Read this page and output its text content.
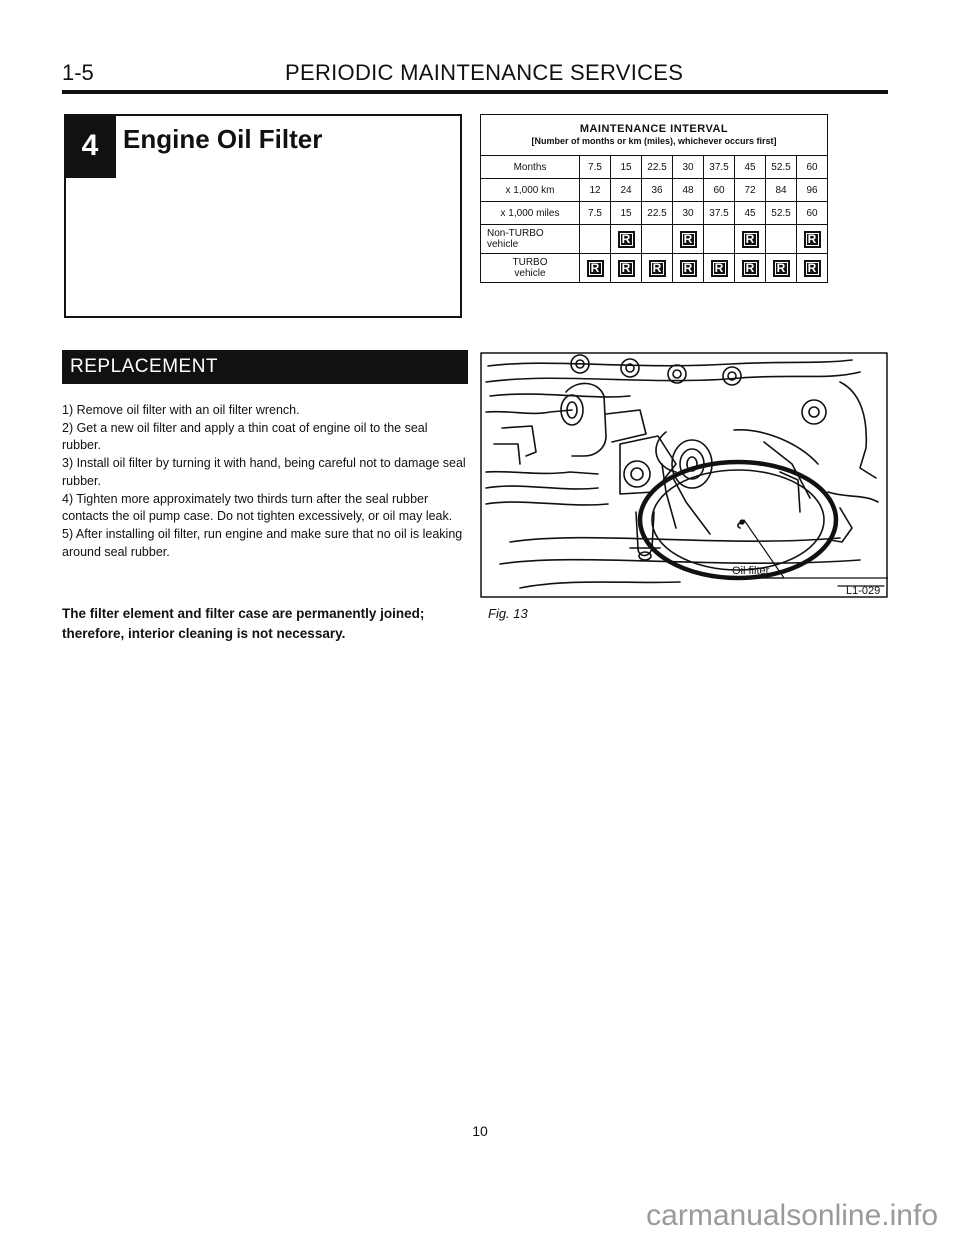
1-5	PERIODIC MAINTENANCE SERVICES
4 Engine Oil Filter	MAINTENANCE INTERVAL
[Number of months or km (miles), whichever occurs first]								

Months	7.5	15	22.5	30	37.5	45	52.5	60
x 1,000 km	12	24	36	48	60	72	84	96
x 1,000 miles	7.5	15	22.5	30	37.5	45	52.5	60

Non-TURBO
vehicle		R		R		R		R

TURBO
vehicle	R	R	R	R	R	R	R	R
REPLACEMENT

1) Remove oil filter with an oil filter wrench.

2) Get a new oil filter and apply a thin coat of engine oil to the seal rubber.

3) Install oil filter by turning it with hand, being careful not to damage seal rubber.

4) Tighten more approximately two thirds turn after the seal rubber contacts the oil pump case. Do not tighten excessively, or oil may leak.

5) After installing oil filter, run engine and make sure that no oil is leaking around seal rubber.

The filter element and filter case are permanently joined; therefore, interior cleaning is not necessary.
Oil filter
L1-029
Fig. 13
10
carmanualsonline.info
